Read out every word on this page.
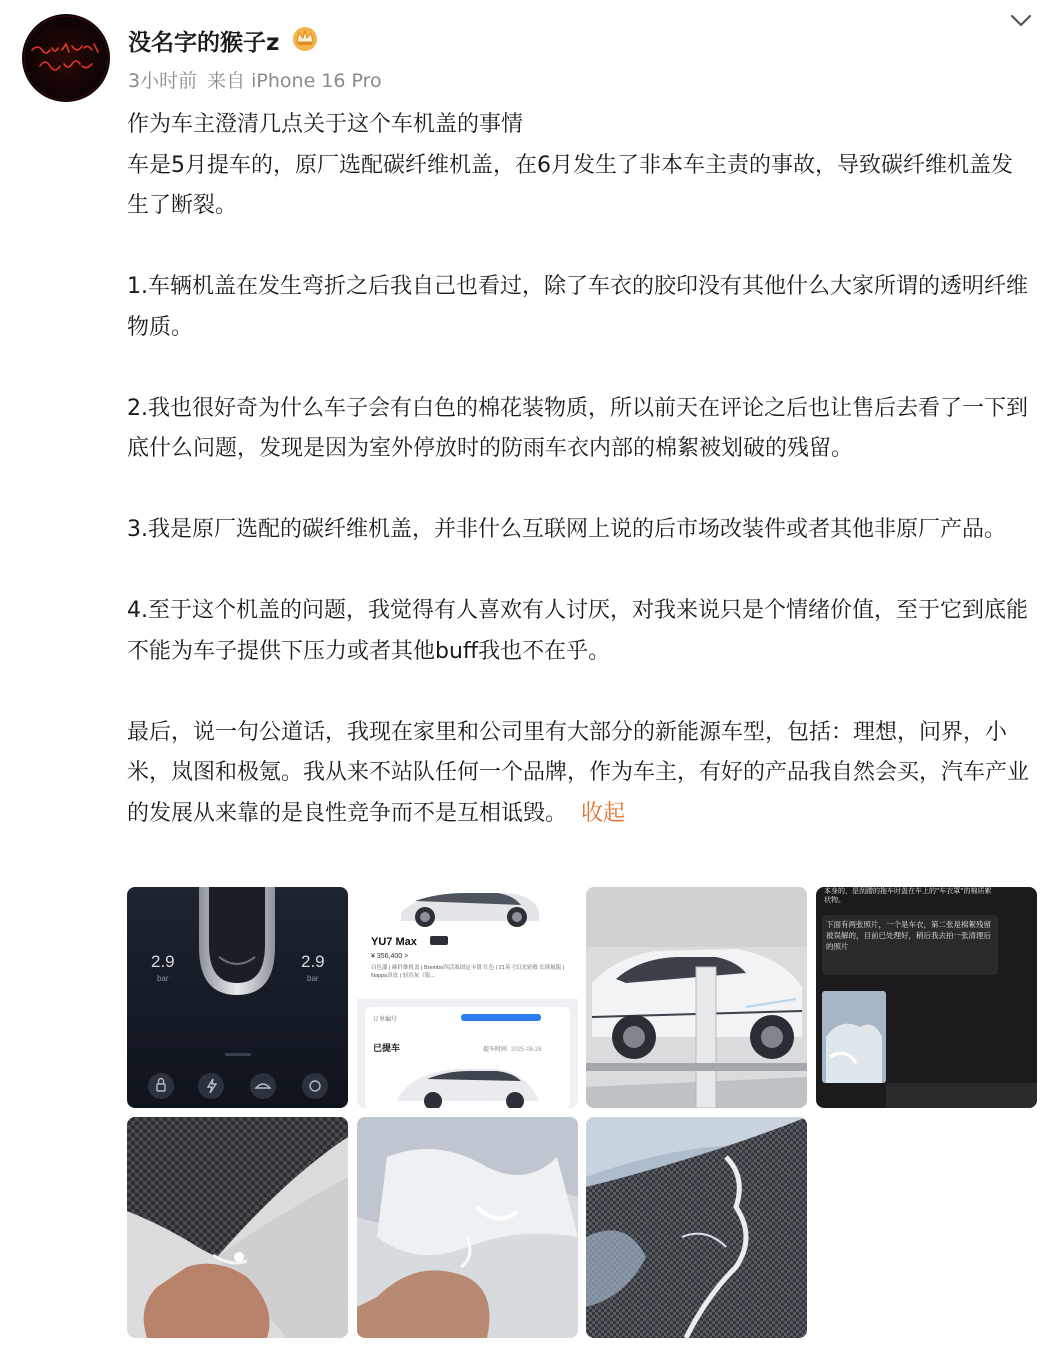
没名字的猴子z
3小时前 来自 iPhone 16 Pro

作为车主澄清几点关于这个车机盖的事情

车是5月提车的，原厂选配碳纤维机盖，在6月发生了非本车主责的事故，导致碳纤维机盖发生了断裂。

1.车辆机盖在发生弯折之后我自己也看过，除了车衣的胶印没有其他什么大家所谓的透明纤维物质。

2.我也很好奇为什么车子会有白色的棉花装物质，所以前天在评论之后也让售后去看了一下到底什么问题，发现是因为室外停放时的防雨车衣内部的棉絮被划破的残留。

3.我是原厂选配的碳纤维机盖，并非什么互联网上说的后市场改装件或者其他非原厂产品。

4.至于这个机盖的问题，我觉得有人喜欢有人讨厌，对我来说只是个情绪价值，至于它到底能不能为车子提供下压力或者其他buff我也不在乎。

最后，说一句公道话，我现在家里和公司里有大部分的新能源车型，包括：理想，问界，小米，岚图和极氪。我从来不站队任何一个品牌，作为车主，有好的产品我自然会买，汽车产业的发展从来靠的是良性竞争而不是互相诋毁。 收起

2.9
bar
2.9
bar
YU7 Max
¥ 356,400 >
白色漆 | 碳纤维机盖 | Brembo四活塞固定卡钳 红色 | 21英寸幻光轮毂 长续航版 | Nappa真皮 | 轻岩灰（银...
订单编号
已提车	提车时间 2025-06-26
本身的，是刮蹭的拖车时盖在车上的"车衣罩"的棉质絮状物。
下面有两张照片，一个是车衣，第二张是棉絮残留被误解的，目前已处理好，稍后我去拍一张清理后的照片
